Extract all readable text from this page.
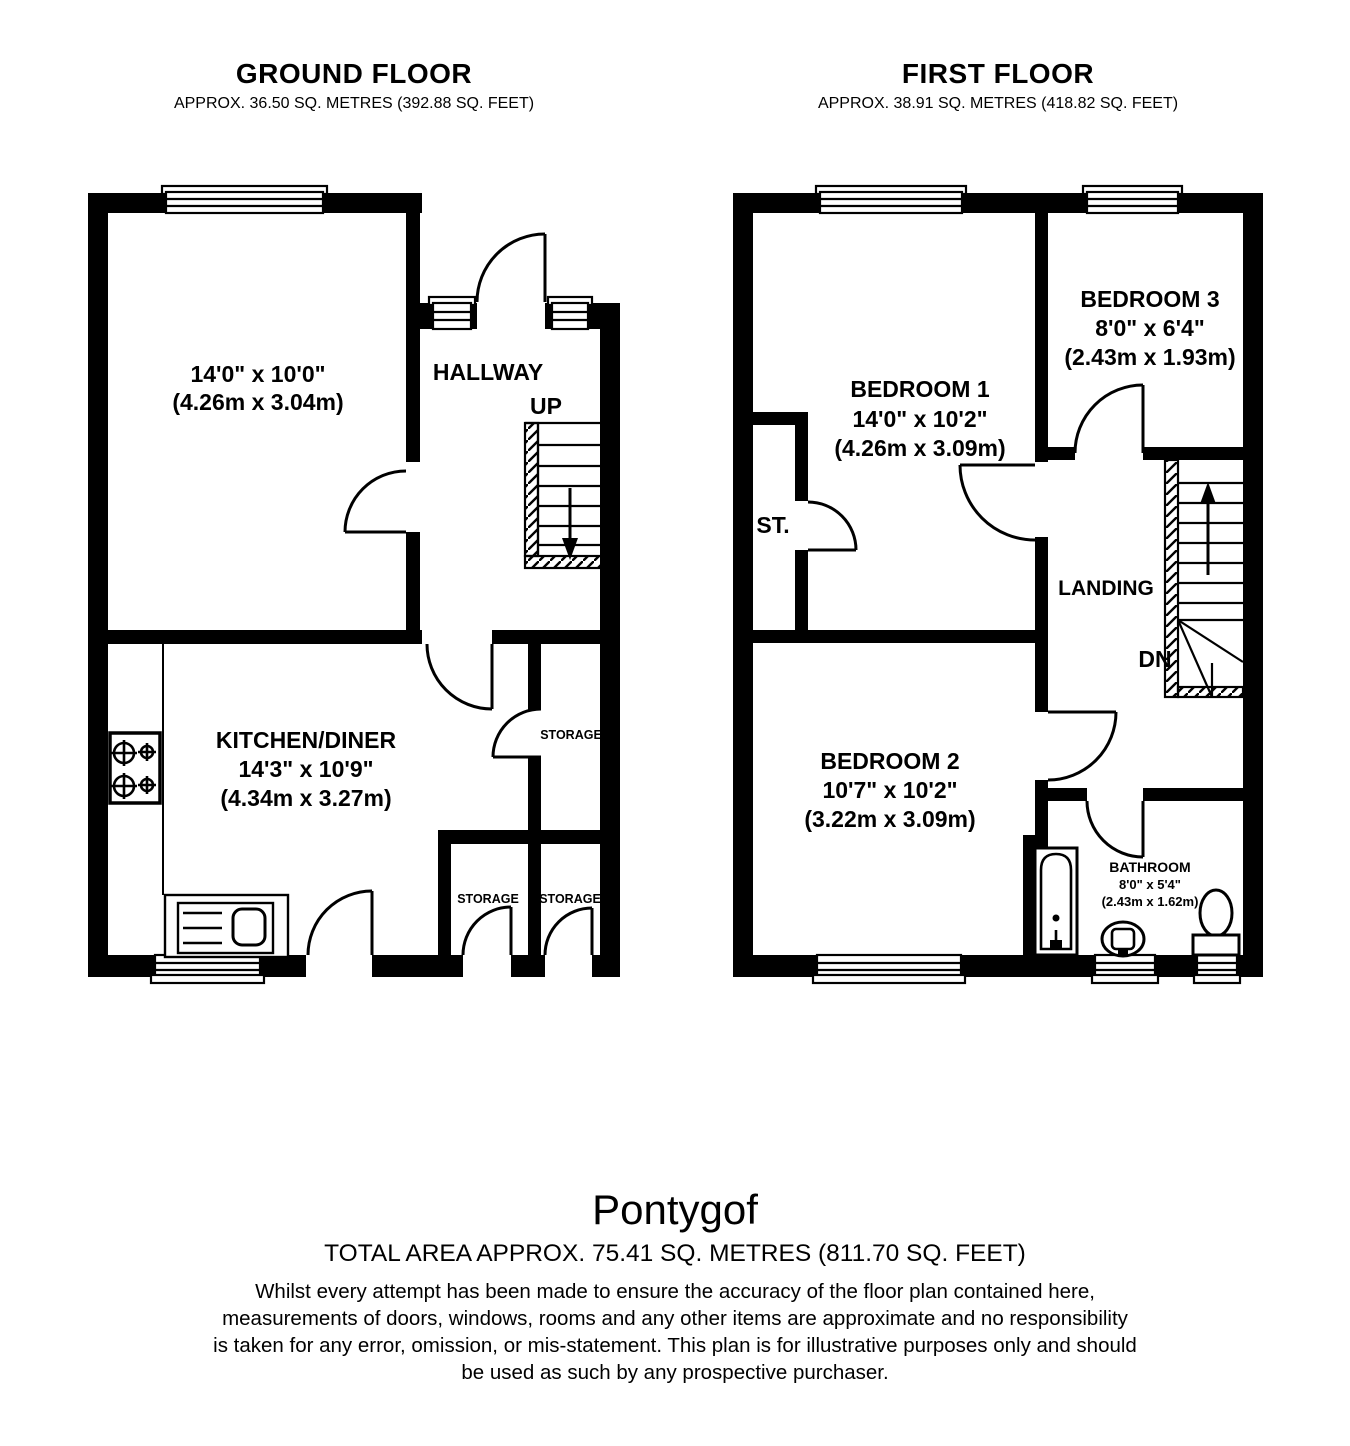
GROUND FLOOR
APPROX. 36.50 SQ. METRES (392.88 SQ. FEET)
14'0" x 10'0"
(4.26m x 3.04m)
HALLWAY
UP
KITCHEN/DINER
14'3" x 10'9"
(4.34m x 3.27m)
STORAGE
STORAGE STORAGE
FIRST FLOOR
APPROX. 38.91 SQ. METRES (418.82 SQ. FEET)
BEDROOM 1
14'0" x 10'2"
(4.26m x 3.09m)
BEDROOM 3
8'0" x 6'4"
(2.43m x 1.93m)
ST.
LANDING
DN
BEDROOM 2
10'7" x 10'2"
(3.22m x 3.09m)
BATHROOM
8'0" x 5'4"
(2.43m x 1.62m)
Pontygof
TOTAL AREA APPROX. 75.41 SQ. METRES (811.70 SQ. FEET)
Whilst every attempt has been made to ensure the accuracy of the floor plan contained here,
measurements of doors, windows, rooms and any other items are approximate and no responsibility
is taken for any error, omission, or mis-statement. This plan is for illustrative purposes only and should
be used as such by any prospective purchaser.
